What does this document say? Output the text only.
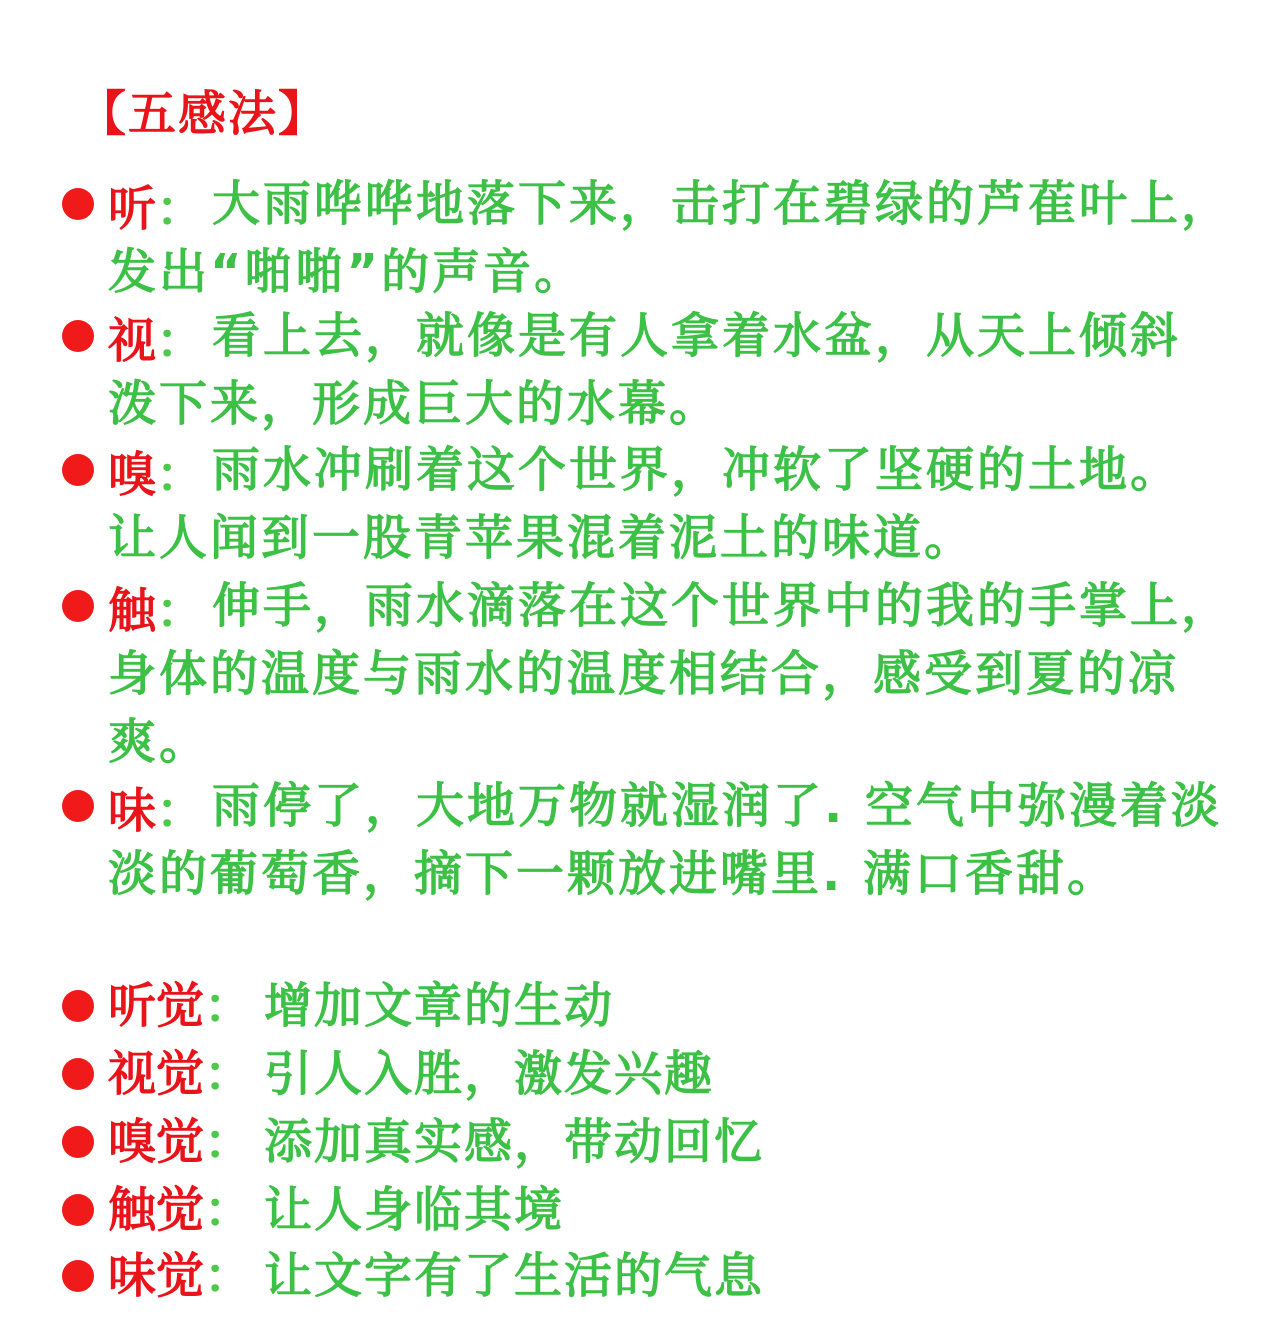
【五感法】
听： 大雨哗哗地落下来，击打在碧绿的芦萑叶上，
发出“啪啪”的声音。
视： 看上去，就像是有人拿着水盆，从天上倾斜
泼下来，形成巨大的水幕。
嗅： 雨水冲刷着这个世界，冲软了坚硬的土地。
让人闻到一股青苹果混着泥土的味道。
触： 伸手，雨水滴落在这个世界中的我的手掌上，
身体的温度与雨水的温度相结合，感受到夏的凉
爽。
味： 雨停了，大地万物就湿润了. 空气中弥漫着淡
淡的葡萄香，摘下一颗放进嘴里. 满口香甜。
听觉： 增加文章的生动
视觉： 引人入胜，激发兴趣
嗅觉： 添加真实感，带动回忆
触觉： 让人身临其境
味觉： 让文字有了生活的气息
